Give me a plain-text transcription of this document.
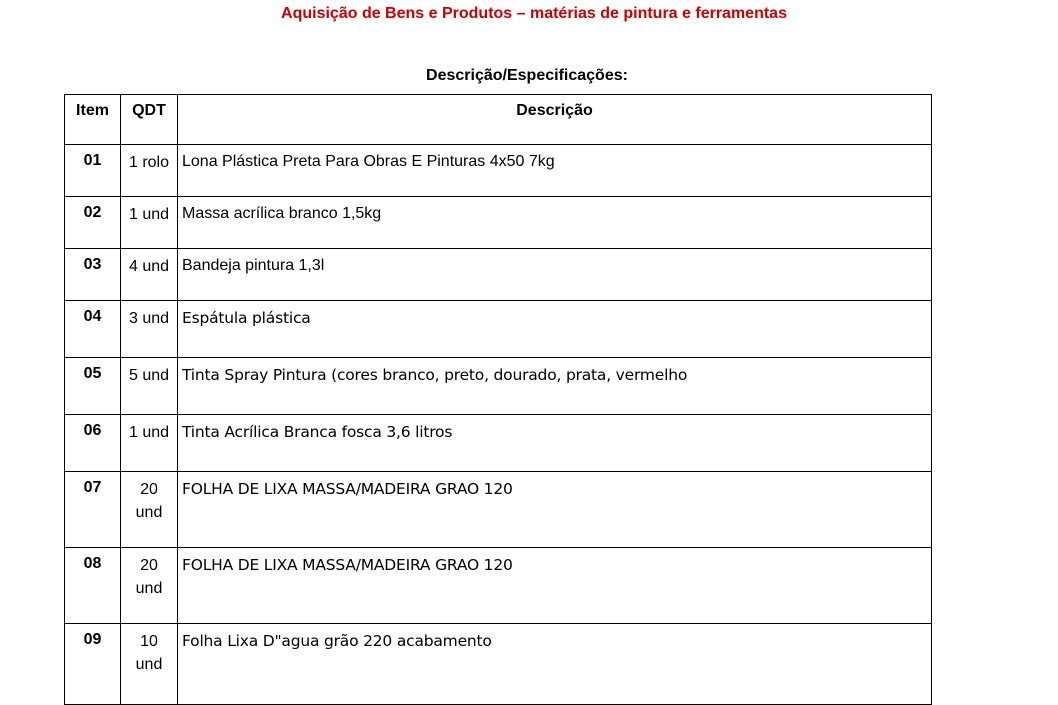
Aquisição de Bens e Produtos – matérias de pintura e ferramentas
Descrição/Especificações:
Item	QDT	Descrição

01	1 rolo	Lona Plástica Preta Para Obras E Pinturas 4x50 7kg

02	1 und	Massa acrílica branco 1,5kg

03	4 und	Bandeja pintura 1,3l

04	3 und	Espátula plástica

05	5 und	Tinta Spray Pintura (cores branco, preto, dourado, prata, vermelho

06	1 und	Tinta Acrílica Branca fosca 3,6 litros

07	20
und	FOLHA DE LIXA MASSA/MADEIRA GRAO 120

08	20
und	FOLHA DE LIXA MASSA/MADEIRA GRAO 120

09	10
und	Folha Lixa D"agua grão 220 acabamento
